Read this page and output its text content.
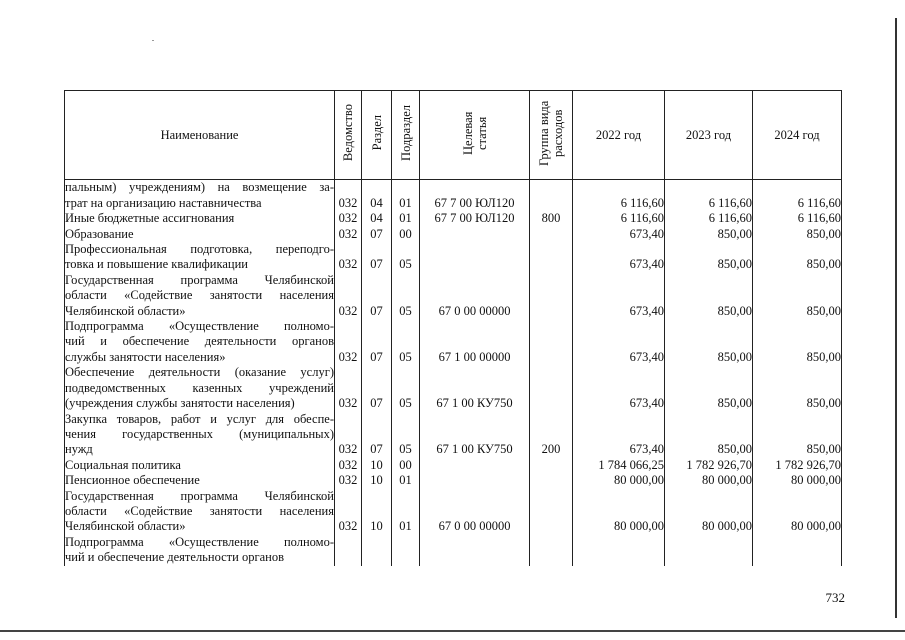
Наименование	Ведомство	Раздел	Подраздел	Целевая статья	Группа вида расходов	2022 год	2023 год	2024 год

пальным) учреждениям) на возмещение за-
трат на организацию наставничества	032	04	01	67 7 00 ЮЛ120		6 116,60	6 116,60	6 116,60

Иные бюджетные ассигнования	032	04	01	67 7 00 ЮЛ120	800	6 116,60	6 116,60	6 116,60

Образование	032	07	00			673,40	850,00	850,00

Профессиональная подготовка, переподго-
товка и повышение квалификации	032	07	05			673,40	850,00	850,00

Государственная программа Челябинской
области «Содействие занятости населения
Челябинской области»	032	07	05	67 0 00 00000		673,40	850,00	850,00

Подпрограмма «Осуществление полномо-
чий и обеспечение деятельности органов
службы занятости населения»	032	07	05	67 1 00 00000		673,40	850,00	850,00

Обеспечение деятельности (оказание услуг)
подведомственных казенных учреждений
(учреждения службы занятости населения)	032	07	05	67 1 00 КУ750		673,40	850,00	850,00

Закупка товаров, работ и услуг для обеспе-
чения государственных (муниципальных)
нужд	032	07	05	67 1 00 КУ750	200	673,40	850,00	850,00

Социальная политика	032	10	00			1 784 066,25	1 782 926,70	1 782 926,70

Пенсионное обеспечение	032	10	01			80 000,00	80 000,00	80 000,00

Государственная программа Челябинской
области «Содействие занятости населения
Челябинской области»	032	10	01	67 0 00 00000		80 000,00	80 000,00	80 000,00

Подпрограмма «Осуществление полномо-
чий и обеспечение деятельности органов								

732
